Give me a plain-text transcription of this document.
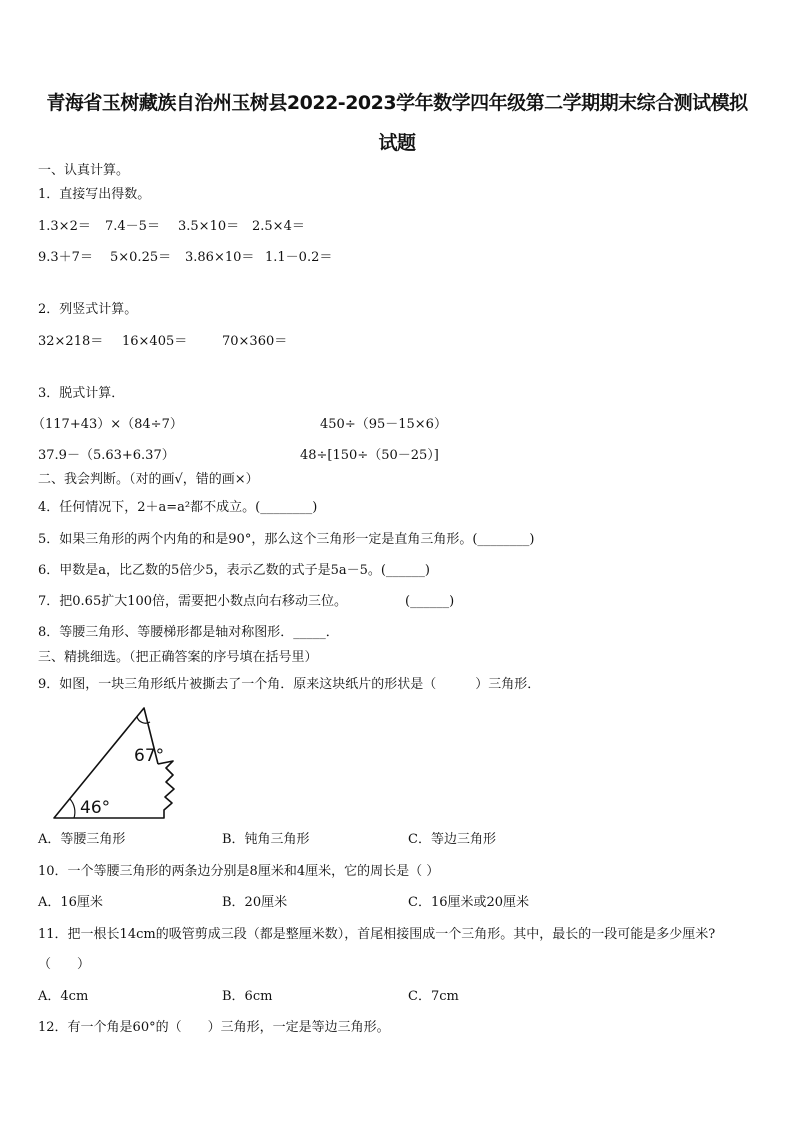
青海省玉树藏族自治州玉树县2022-2023学年数学四年级第二学期期末综合测试模拟
试题
一、认真计算。
1．直接写出得数。
1.3×2＝ 7.4－5＝ 3.5×10＝ 2.5×4＝
9.3＋7＝ 5×0.25＝ 3.86×10＝ 1.1－0.2＝
2．列竖式计算。
32×218＝ 16×405＝	70×360＝
3．脱式计算．
（117+43）×（84÷7）	450÷（95－15×6）
37.9－（5.63+6.37）	48÷[150÷（50－25）]
二、我会判断。（对的画√，错的画×）
4．任何情况下，2＋a=a²都不成立。(________)
5．如果三角形的两个内角的和是90°，那么这个三角形一定是直角三角形。(________)
6．甲数是a，比乙数的5倍少5，表示乙数的式子是5a－5。(______)
7．把0.65扩大100倍，需要把小数点向右移动三位。	(______)
8．等腰三角形、等腰梯形都是轴对称图形．_____．
三、精挑细选。（把正确答案的序号填在括号里）
9．如图，一块三角形纸片被撕去了一个角．原来这块纸片的形状是（　　　）三角形．
67°
46°
A．等腰三角形	B．钝角三角形	C．等边三角形
10．一个等腰三角形的两条边分别是8厘米和4厘米，它的周长是（ ）
A．16厘米	B．20厘米	C．16厘米或20厘米
11．把一根长14cm的吸管剪成三段（都是整厘米数），首尾相接围成一个三角形。其中，最长的一段可能是多少厘米?
（　　）
A．4cm	B．6cm	C．7cm
12．有一个角是60°的（　　）三角形，一定是等边三角形。
